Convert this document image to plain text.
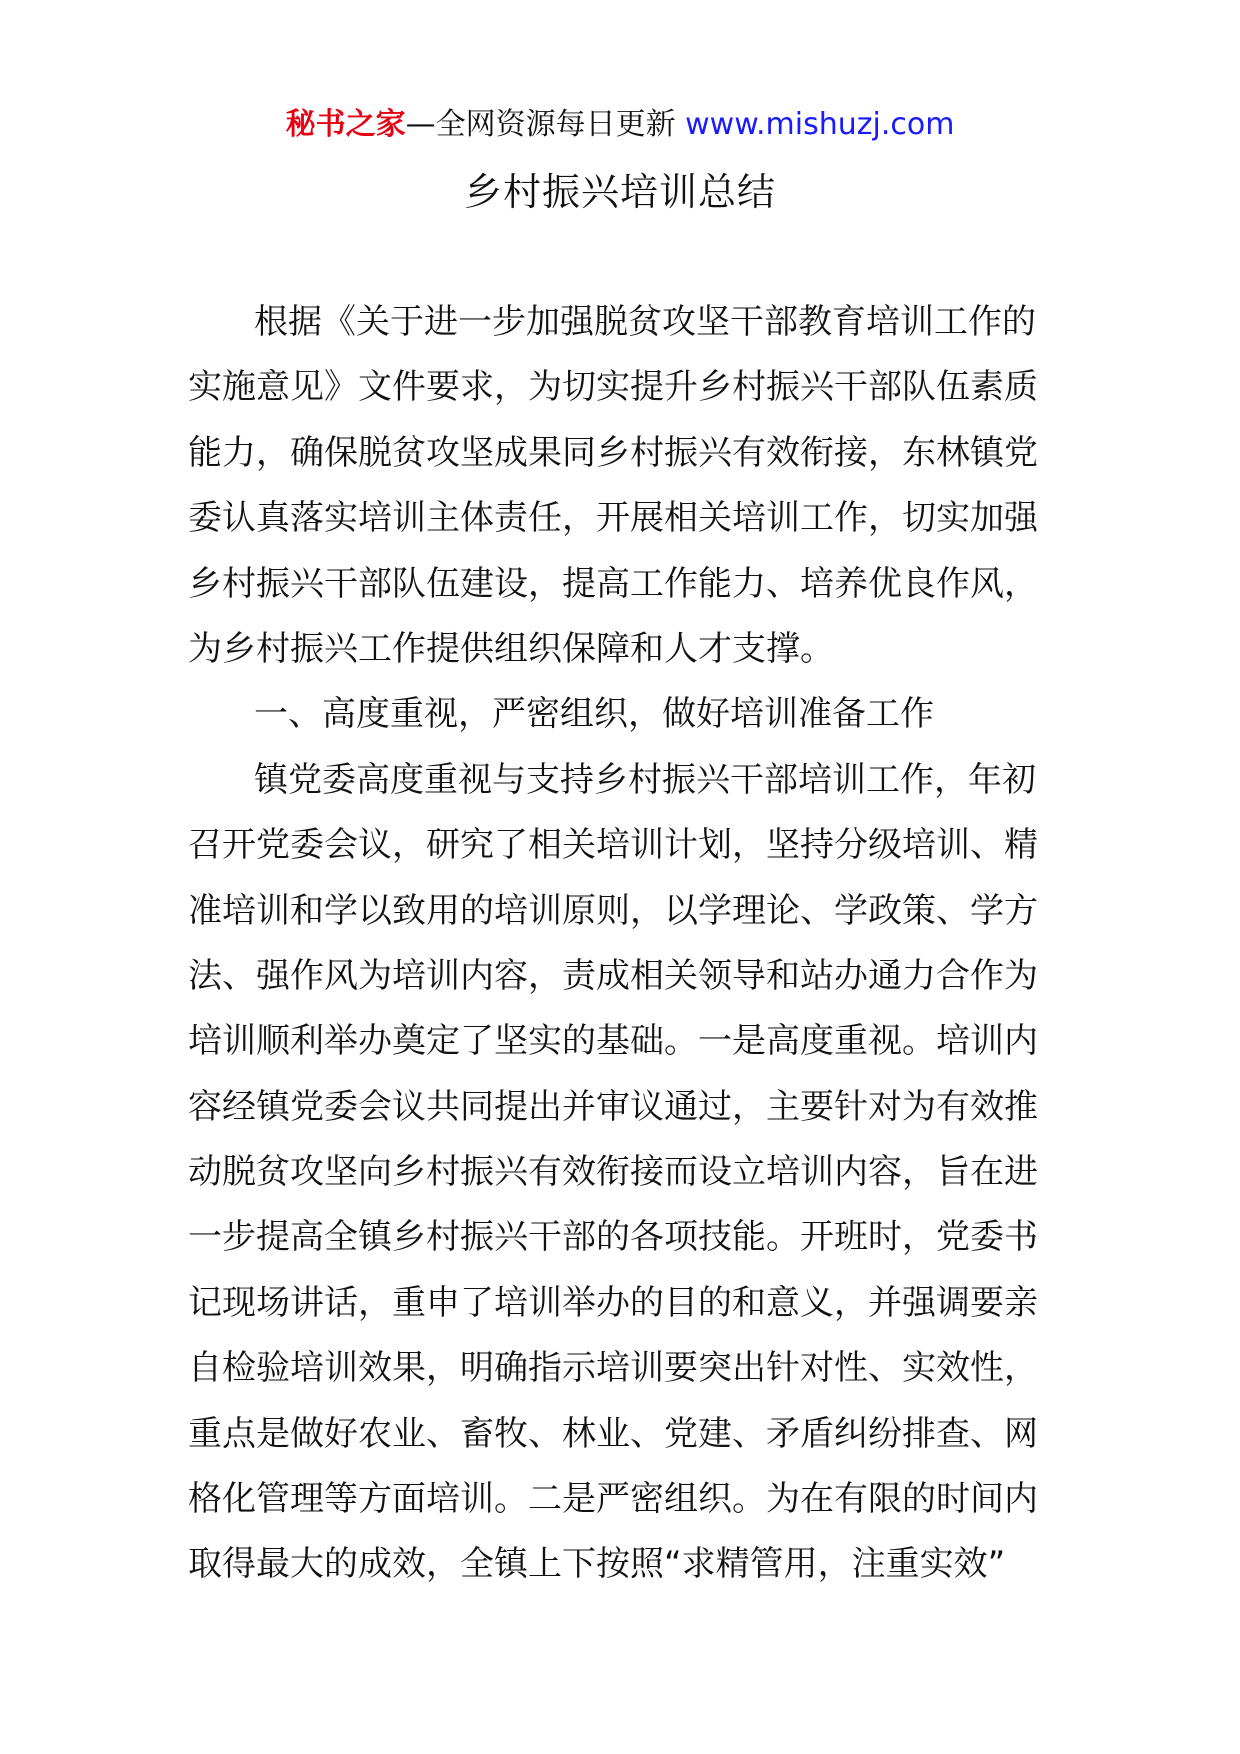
秘书之家—全网资源每日更新 www.mishuzj.com
乡村振兴培训总结
根据《关于进一步加强脱贫攻坚干部教育培训工作的
实施意见》文件要求，为切实提升乡村振兴干部队伍素质
能力，确保脱贫攻坚成果同乡村振兴有效衔接，东林镇党
委认真落实培训主体责任，开展相关培训工作，切实加强
乡村振兴干部队伍建设，提高工作能力、培养优良作风，
为乡村振兴工作提供组织保障和人才支撑。
一、高度重视，严密组织，做好培训准备工作
镇党委高度重视与支持乡村振兴干部培训工作，年初
召开党委会议，研究了相关培训计划，坚持分级培训、精
准培训和学以致用的培训原则，以学理论、学政策、学方
法、强作风为培训内容，责成相关领导和站办通力合作为
培训顺利举办奠定了坚实的基础。一是高度重视。培训内
容经镇党委会议共同提出并审议通过，主要针对为有效推
动脱贫攻坚向乡村振兴有效衔接而设立培训内容，旨在进
一步提高全镇乡村振兴干部的各项技能。开班时，党委书
记现场讲话，重申了培训举办的目的和意义，并强调要亲
自检验培训效果，明确指示培训要突出针对性、实效性，
重点是做好农业、畜牧、林业、党建、矛盾纠纷排查、网
格化管理等方面培训。二是严密组织。为在有限的时间内
取得最大的成效，全镇上下按照“求精管用，注重实效”
